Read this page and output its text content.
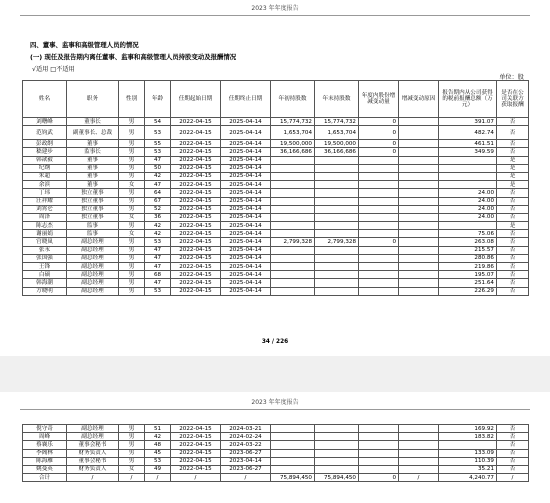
2023 年年度报告
四、董事、监事和高级管理人员的情况
(一) 现任及报告期内离任董事、监事和高级管理人员持股变动及报酬情况
√适用 □不适用
单位：股
姓名	职务	性别	年龄	任期起始日期	任期终止日期	年初持股数	年末持股数	年度内股份增减变动量	增减变动原因	报告期内从公司获得的税前报酬总额（万元）	是否在公司关联方获取报酬
刘曙峰	董事长	男	54	2022-04-15	2025-04-14	15,774,732	15,774,732	0		391.07	否
范钧武	副董事长、总裁	男	53	2022-04-15	2025-04-14	1,653,704	1,653,704	0		482.74	否
彭政纲	董事	男	55	2022-04-15	2025-04-14	19,500,000	19,500,000	0		461.51	否
嵇建步	监事长	男	53	2022-04-15	2025-04-14	36,166,686	36,166,686	0		349.59	否
韩歆毅	董事	男	47	2022-04-15	2025-04-14						是
纪纲	董事	男	50	2022-04-15	2025-04-14						是
朱超	董事	男	42	2022-04-15	2025-04-14						是
余滨	董事	女	47	2022-04-15	2025-04-14						是
丁玮	独立董事	男	64	2022-04-15	2025-04-14					24.00	否
汪祥耀	独立董事	男	67	2022-04-15	2025-04-14					24.00	否
刘霄仑	独立董事	男	52	2022-04-15	2025-04-14					24.00	否
周泽	独立董事	女	36	2022-04-15	2025-04-14					24.00	否
陈志杰	监事	男	42	2022-04-15	2025-04-14						是
谢丽娟	监事	女	42	2022-04-15	2025-04-14					75.06	否
官晓岚	副总经理	男	53	2022-04-15	2025-04-14	2,799,328	2,799,328	0		263.08	否
张永	副总经理	男	47	2022-04-15	2025-04-14					215.57	否
张国强	副总经理	男	47	2022-04-15	2025-04-14					280.86	否
王锋	副总经理	男	47	2022-04-15	2025-04-14					219.86	否
白硕	副总经理	男	68	2022-04-15	2025-04-14					195.07	否
韩海潮	副总经理	男	47	2022-04-15	2025-04-14					251.64	否
方晓明	副总经理	男	53	2022-04-15	2025-04-14					226.29	否
34 / 226
2023 年年度报告
倪守奇	副总经理	男	51	2022-04-15	2024-03-21					169.92	否
周峰	副总经理	男	42	2022-04-15	2024-02-24					183.82	否
蔡襄乐	董事会秘书	男	48	2022-04-15	2024-03-22						否
李阁林	财务负责人	男	45	2022-04-15	2023-06-27					133.09	否
陈海雁	董事会秘书	男	53	2022-04-15	2023-04-14					110.39	否
姚曼英	财务负责人	女	49	2022-04-15	2023-06-27					35.21	否
合计	/	/	/	/	/	75,894,450	75,894,450	0	/	4,240.77	/
